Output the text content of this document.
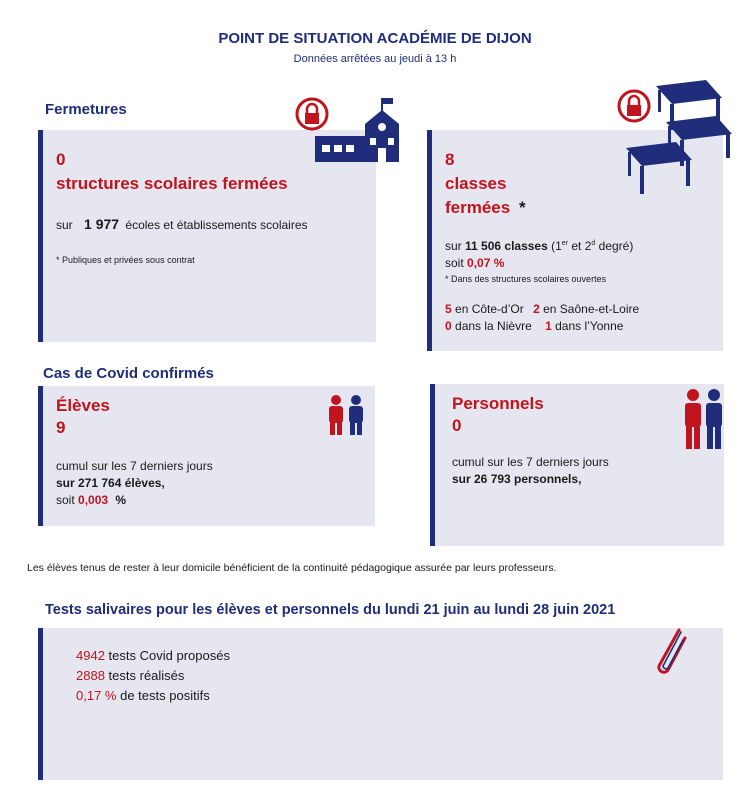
POINT DE SITUATION ACADÉMIE DE DIJON
Données arrêtées au jeudi à 13 h
Fermetures
0
structures scolaires fermées
sur 1 977 écoles et établissements scolaires
* Publiques et privées sous contrat
8
classes
fermées *
sur 11 506 classes (1er et 2$^d$ degré)
soit 0,07 %
* Dans des structures scolaires ouvertes
5 en Côte-d’Or 2 en Saône-et-Loire
0 dans la Nièvre 1 dans l’Yonne
Cas de Covid confirmés
Élèves
9
cumul sur les 7 derniers jours
sur 271 764 élèves,
soit 0,003 %
Personnels
0
cumul sur les 7 derniers jours
sur 26 793 personnels,
Les élèves tenus de rester à leur domicile bénéficient de la continuité pédagogique assurée par leurs professeurs.
Tests salivaires pour les élèves et personnels du lundi 21 juin au lundi 28 juin 2021
4942 tests Covid proposés
2888 tests réalisés
0,17 % de tests positifs
